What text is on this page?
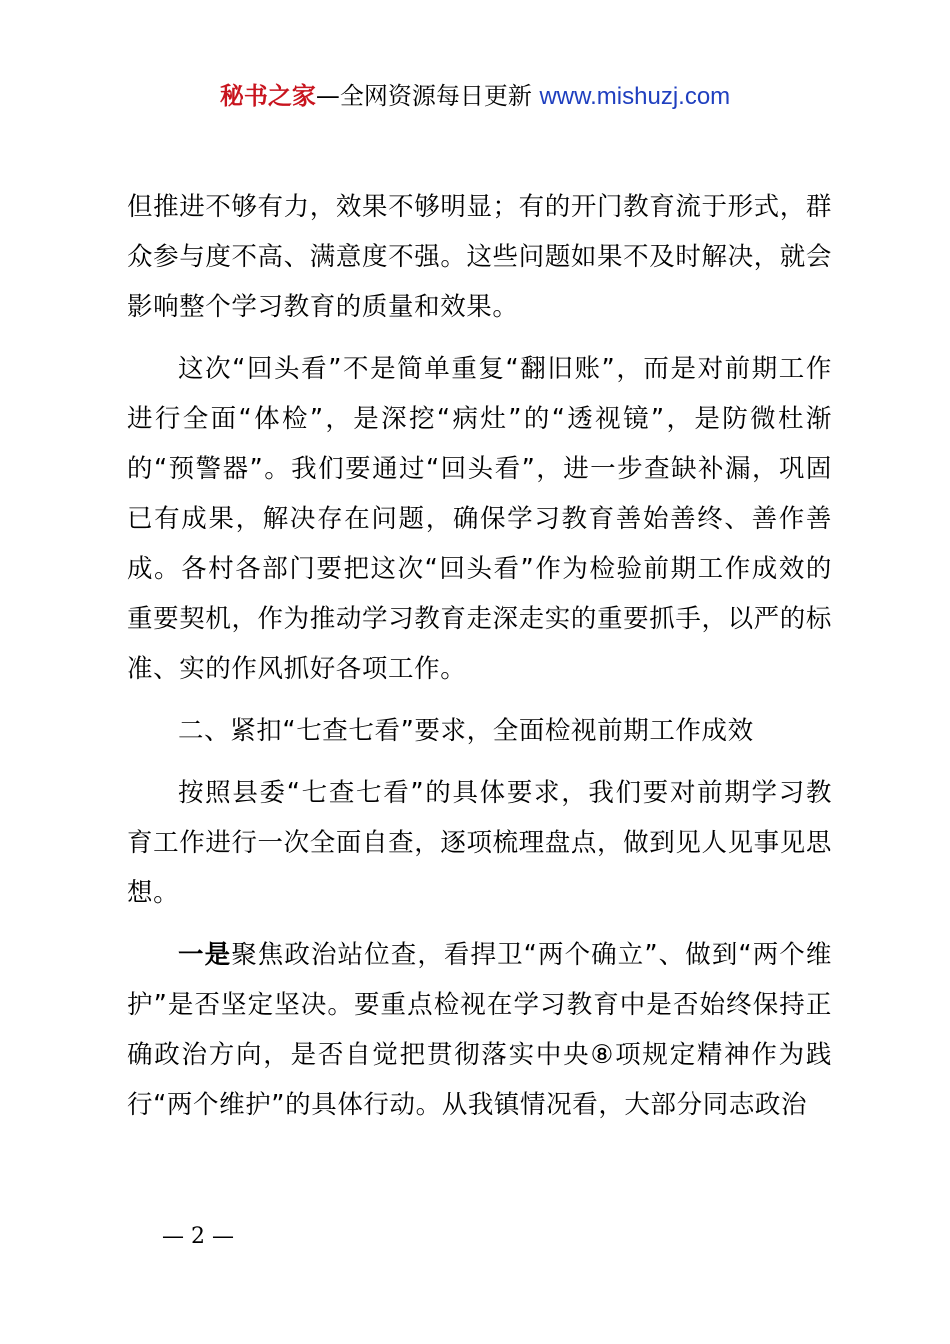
秘书之家—全网资源每日更新 www.mishuzj.com

但推进不够有力，效果不够明显；有的开门教育流于形式，群众参与度不高、满意度不强。这些问题如果不及时解决，就会影响整个学习教育的质量和效果。

这次“回头看”不是简单重复“翻旧账”，而是对前期工作进行全面“体检”，是深挖“病灶”的“透视镜”，是防微杜渐的“预警器”。我们要通过“回头看”，进一步查缺补漏，巩固已有成果，解决存在问题，确保学习教育善始善终、善作善成。各村各部门要把这次“回头看”作为检验前期工作成效的重要契机，作为推动学习教育走深走实的重要抓手，以严的标准、实的作风抓好各项工作。

二、紧扣“七查七看”要求，全面检视前期工作成效

按照县委“七查七看”的具体要求，我们要对前期学习教育工作进行一次全面自查，逐项梳理盘点，做到见人见事见思想。

一是聚焦政治站位查，看捍卫“两个确立”、做到“两个维护”是否坚定坚决。要重点检视在学习教育中是否始终保持正确政治方向，是否自觉把贯彻落实中央⑧项规定精神作为践行“两个维护”的具体行动。从我镇情况看，大部分同志政治

— 2 —
